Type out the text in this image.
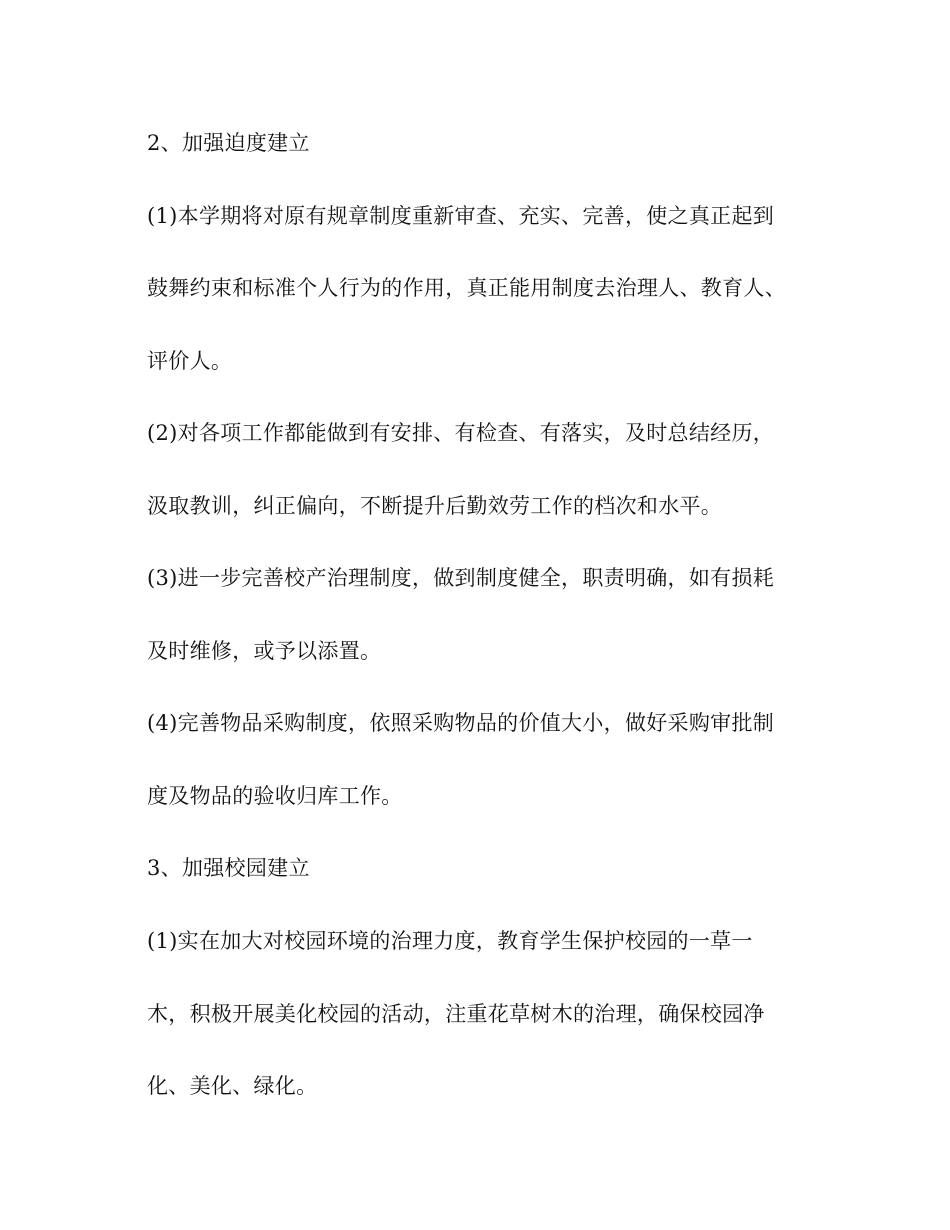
2、加强迫度建立
(1)本学期将对原有规章制度重新审查、充实、完善，使之真正起到
鼓舞约束和标准个人行为的作用，真正能用制度去治理人、教育人、
评价人。
(2)对各项工作都能做到有安排、有检查、有落实，及时总结经历，
汲取教训，纠正偏向，不断提升后勤效劳工作的档次和水平。
(3)进一步完善校产治理制度，做到制度健全，职责明确，如有损耗
及时维修，或予以添置。
(4)完善物品采购制度，依照采购物品的价值大小，做好采购审批制
度及物品的验收归库工作。
3、加强校园建立
(1)实在加大对校园环境的治理力度，教育学生保护校园的一草一
木，积极开展美化校园的活动，注重花草树木的治理，确保校园净
化、美化、绿化。
